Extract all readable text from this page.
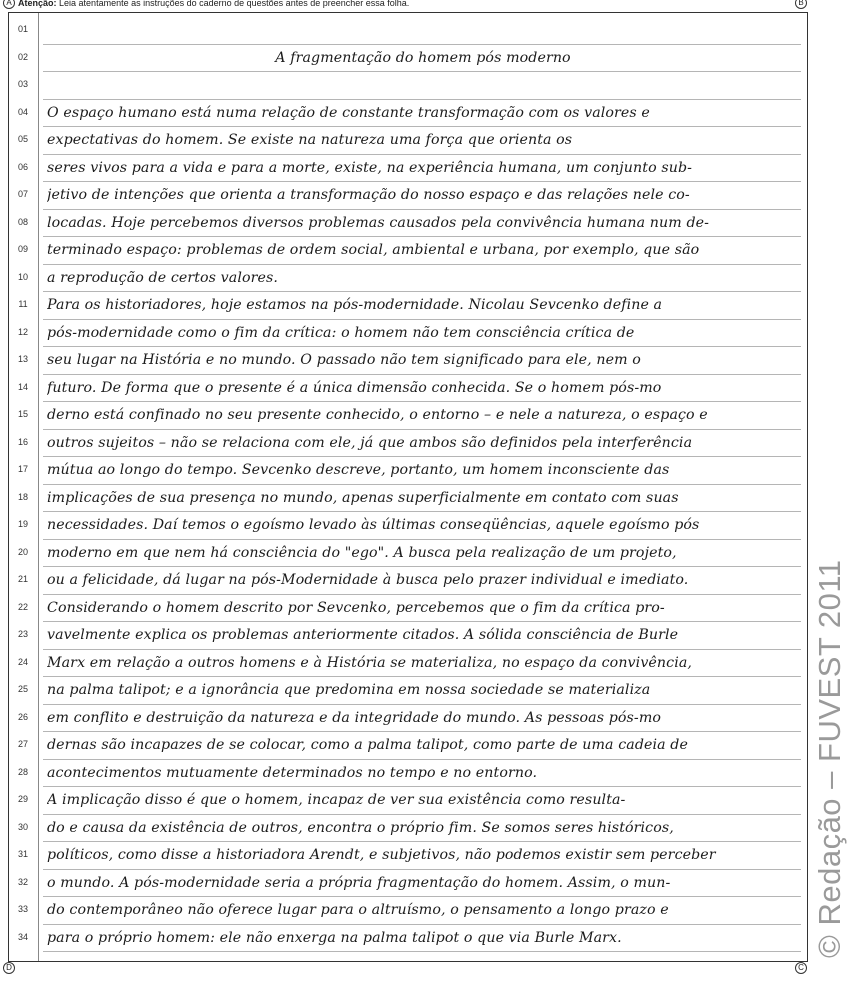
A Atenção: Leia atentamente as instruções do caderno de questões antes de preencher essa folha.	B
01
02	A fragmentação do homem pós moderno
03
04	O espaço humano está numa relação de constante transformação com os valores e
05	expectativas do homem. Se existe na natureza uma força que orienta os
06	seres vivos para a vida e para a morte, existe, na experiência humana, um conjunto sub-
07	jetivo de intenções que orienta a transformação do nosso espaço e das relações nele co-
08	locadas. Hoje percebemos diversos problemas causados pela convivência humana num de-
09	terminado espaço: problemas de ordem social, ambiental e urbana, por exemplo, que são
10	a reprodução de certos valores.
11	Para os historiadores, hoje estamos na pós-modernidade. Nicolau Sevcenko define a
12	pós-modernidade como o fim da crítica: o homem não tem consciência crítica de
13	seu lugar na História e no mundo. O passado não tem significado para ele, nem o
14	futuro. De forma que o presente é a única dimensão conhecida. Se o homem pós-mo
15	derno está confinado no seu presente conhecido, o entorno – e nele a natureza, o espaço e
16	outros sujeitos – não se relaciona com ele, já que ambos são definidos pela interferência
17	mútua ao longo do tempo. Sevcenko descreve, portanto, um homem inconsciente das
18	implicações de sua presença no mundo, apenas superficialmente em contato com suas
19	necessidades. Daí temos o egoísmo levado às últimas conseqüências, aquele egoísmo pós
20	moderno em que nem há consciência do "ego". A busca pela realização de um projeto,
21	ou a felicidade, dá lugar na pós-Modernidade à busca pelo prazer individual e imediato.
22	Considerando o homem descrito por Sevcenko, percebemos que o fim da crítica pro-
23	vavelmente explica os problemas anteriormente citados. A sólida consciência de Burle
24	Marx em relação a outros homens e à História se materializa, no espaço da convivência,
25	na palma talipot; e a ignorância que predomina em nossa sociedade se materializa
26	em conflito e destruição da natureza e da integridade do mundo. As pessoas pós-mo
27	dernas são incapazes de se colocar, como a palma talipot, como parte de uma cadeia de
28	acontecimentos mutuamente determinados no tempo e no entorno.
29	A implicação disso é que o homem, incapaz de ver sua existência como resulta-
30	do e causa da existência de outros, encontra o próprio fim. Se somos seres históricos,
31	políticos, como disse a historiadora Arendt, e subjetivos, não podemos existir sem perceber
32	o mundo. A pós-modernidade seria a própria fragmentação do homem. Assim, o mun-
33	do contemporâneo não oferece lugar para o altruísmo, o pensamento a longo prazo e
34	para o próprio homem: ele não enxerga na palma talipot o que via Burle Marx.
D	C
© Redação – FUVEST 2011
